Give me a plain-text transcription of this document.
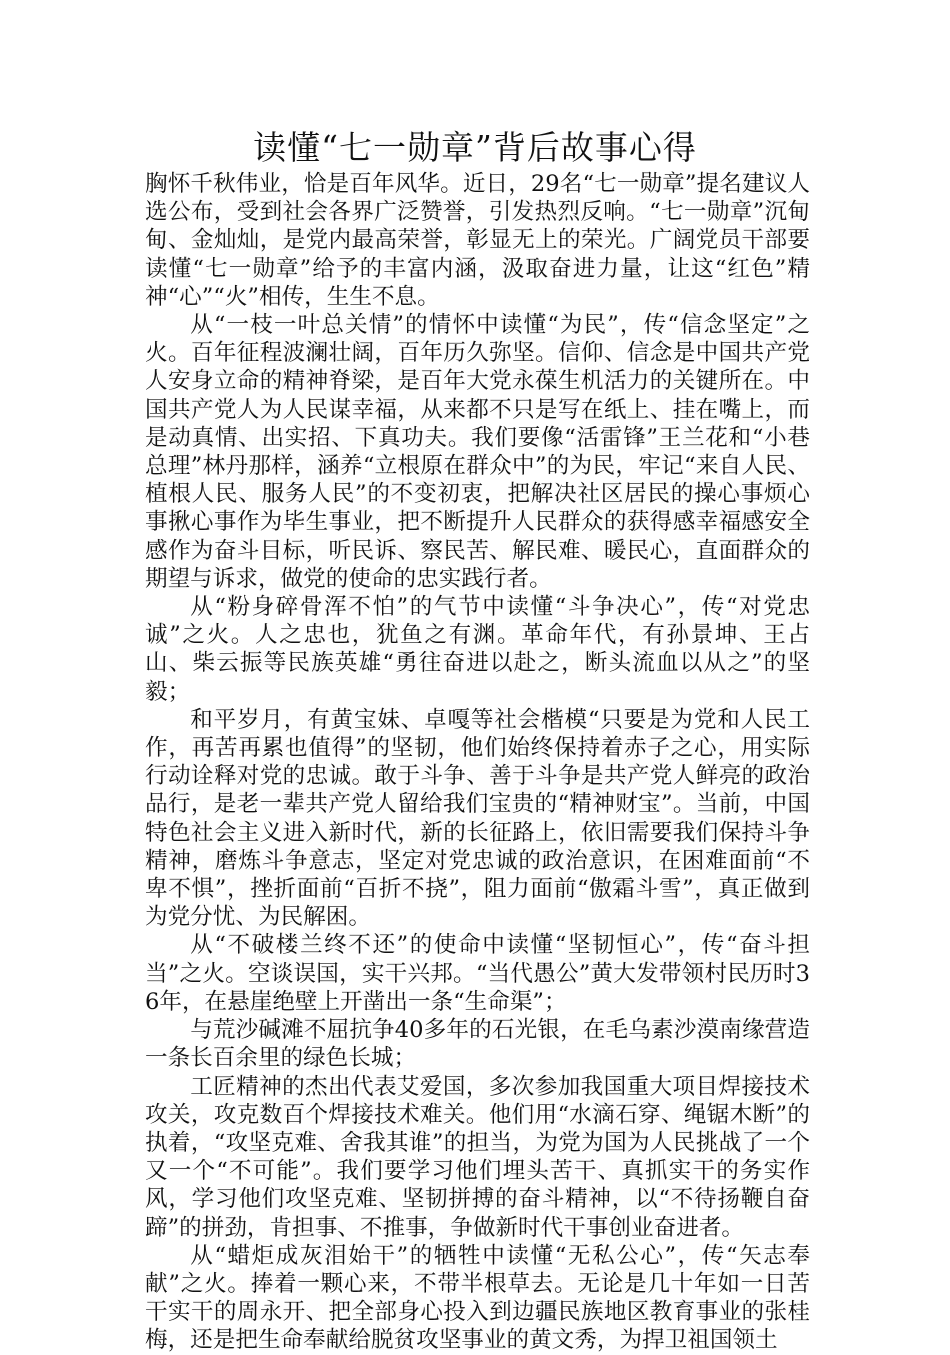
读懂“七一勋章”背后故事心得

胸怀千秋伟业，恰是百年风华。近日，29名“七一勋章”提名建议人选公布，受到社会各界广泛赞誉，引发热烈反响。“七一勋章”沉甸甸、金灿灿，是党内最高荣誉，彰显无上的荣光。广阔党员干部要读懂“七一勋章”给予的丰富内涵，汲取奋进力量，让这“红色”精神“心”“火”相传，生生不息。

从“一枝一叶总关情”的情怀中读懂“为民”，传“信念坚定”之火。百年征程波澜壮阔，百年历久弥坚。信仰、信念是中国共产党人安身立命的精神脊梁，是百年大党永葆生机活力的关键所在。中国共产党人为人民谋幸福，从来都不只是写在纸上、挂在嘴上，而是动真情、出实招、下真功夫。我们要像“活雷锋”王兰花和“小巷总理”林丹那样，涵养“立根原在群众中”的为民，牢记“来自人民、植根人民、服务人民”的不变初衷，把解决社区居民的操心事烦心事揪心事作为毕生事业，把不断提升人民群众的获得感幸福感安全感作为奋斗目标，听民诉、察民苦、解民难、暖民心，直面群众的期望与诉求，做党的使命的忠实践行者。

从“粉身碎骨浑不怕”的气节中读懂“斗争决心”，传“对党忠诚”之火。人之忠也，犹鱼之有渊。革命年代，有孙景坤、王占山、柴云振等民族英雄“勇往奋进以赴之，断头流血以从之”的坚毅；

和平岁月，有黄宝妹、卓嘎等社会楷模“只要是为党和人民工作，再苦再累也值得”的坚韧，他们始终保持着赤子之心，用实际行动诠释对党的忠诚。敢于斗争、善于斗争是共产党人鲜亮的政治品行，是老一辈共产党人留给我们宝贵的“精神财宝”。当前，中国特色社会主义进入新时代，新的长征路上，依旧需要我们保持斗争精神，磨炼斗争意志，坚定对党忠诚的政治意识，在困难面前“不卑不惧”，挫折面前“百折不挠”，阻力面前“傲霜斗雪”，真正做到为党分忧、为民解困。

从“不破楼兰终不还”的使命中读懂“坚韧恒心”，传“奋斗担当”之火。空谈误国，实干兴邦。“当代愚公”黄大发带领村民历时36年，在悬崖绝壁上开凿出一条“生命渠”；

与荒沙碱滩不屈抗争40多年的石光银，在毛乌素沙漠南缘营造一条长百余里的绿色长城；

工匠精神的杰出代表艾爱国，多次参加我国重大项目焊接技术攻关，攻克数百个焊接技术难关。他们用“水滴石穿、绳锯木断”的执着，“攻坚克难、舍我其谁”的担当，为党为国为人民挑战了一个又一个“不可能”。我们要学习他们埋头苦干、真抓实干的务实作风，学习他们攻坚克难、坚韧拼搏的奋斗精神，以“不待扬鞭自奋蹄”的拼劲，肯担事、不推事，争做新时代干事创业奋进者。

从“蜡炬成灰泪始干”的牺牲中读懂“无私公心”，传“矢志奉献”之火。捧着一颗心来，不带半根草去。无论是几十年如一日苦干实干的周永开、把全部身心投入到边疆民族地区教育事业的张桂梅，还是把生命奉献给脱贫攻坚事业的黄文秀，为捍卫祖国领土
